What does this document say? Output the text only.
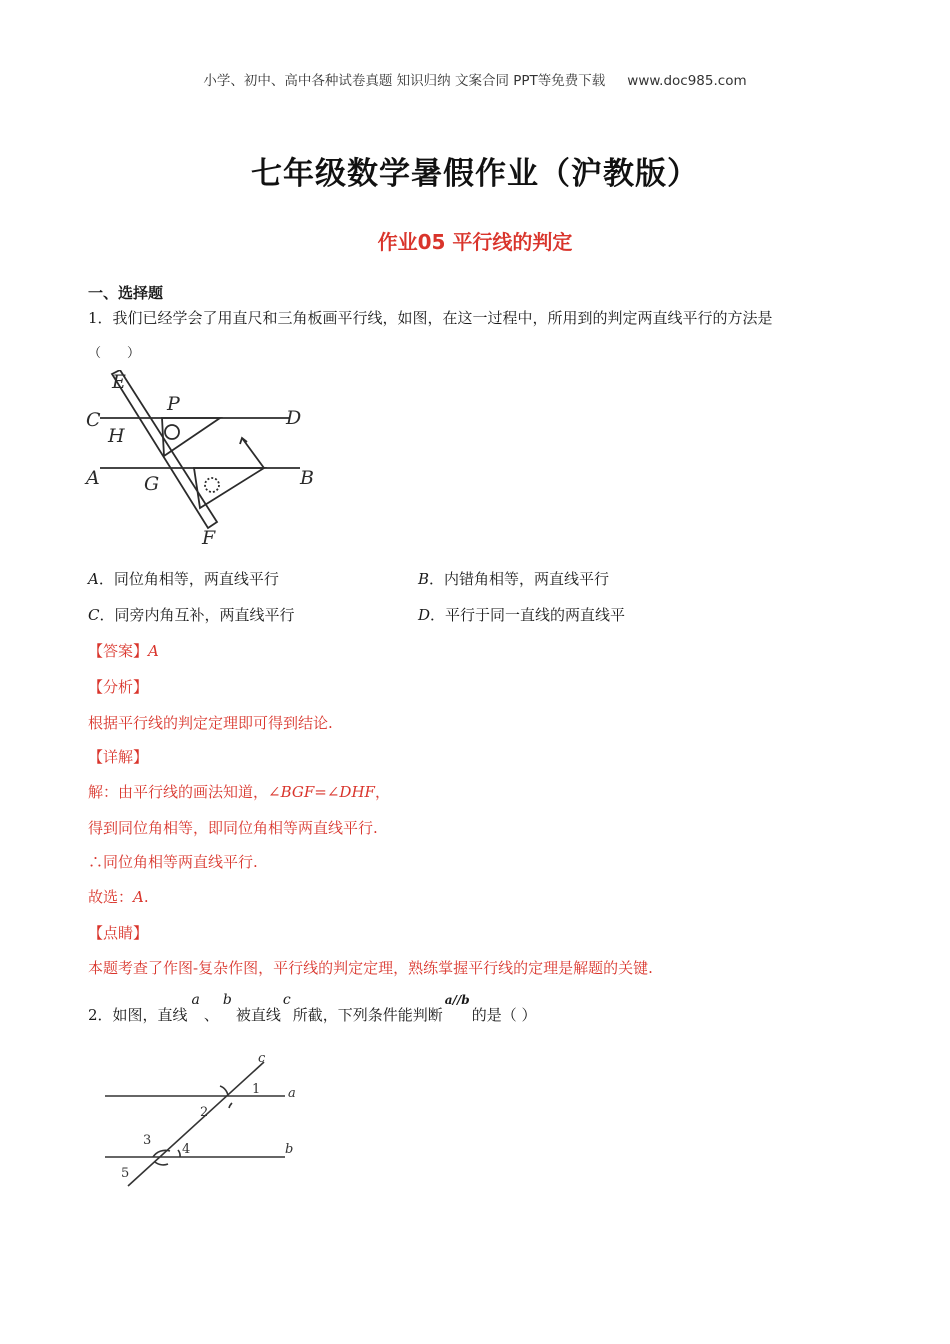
小学、初中、高中各种试卷真题 知识归纳 文案合同 PPT等免费下载 www.doc985.com
七年级数学暑假作业（沪教版）
作业05 平行线的判定
一、选择题
1．我们已经学会了用直尺和三角板画平行线，如图，在这一过程中，所用到的判定两直线平行的方法是
（　　）
E
P
D
C
H
A G	B
F
A．同位角相等，两直线平行	B．内错角相等，两直线平行
C．同旁内角互补，两直线平行	D．平行于同一直线的两直线平
【答案】A
【分析】
根据平行线的判定定理即可得到结论.
【详解】
解：由平行线的画法知道，∠BGF=∠DHF，
得到同位角相等，即同位角相等两直线平行.
∴同位角相等两直线平行.
故选：A.
【点睛】
本题考查了作图-复杂作图，平行线的判定定理，熟练掌握平行线的定理是解题的关键.
2．如图，直线a、b被直线c所截，下列条件能判断$^{a//b}$的是（ ）
c
1 a
2
3
4	b
5
